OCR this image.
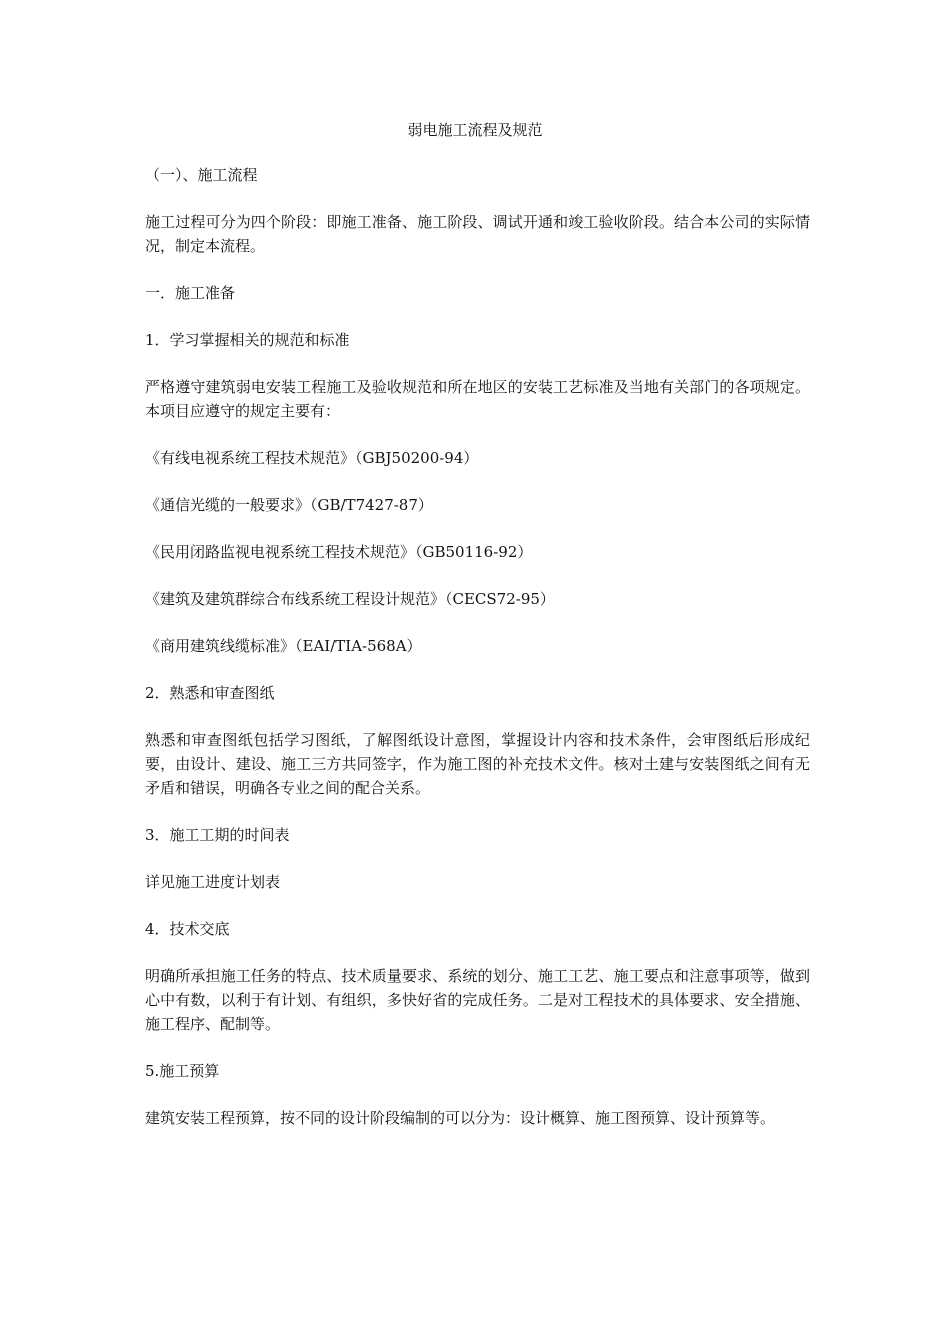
弱电施工流程及规范

（一）、施工流程

施工过程可分为四个阶段：即施工准备、施工阶段、调试开通和竣工验收阶段。结合本公司的实际情况，制定本流程。

一．施工准备

1．学习掌握相关的规范和标准

严格遵守建筑弱电安装工程施工及验收规范和所在地区的安装工艺标准及当地有关部门的各项规定。本项目应遵守的规定主要有：

《有线电视系统工程技术规范》（GBJ50200-94）

《通信光缆的一般要求》（GB/T7427-87）

《民用闭路监视电视系统工程技术规范》（GB50116-92）

《建筑及建筑群综合布线系统工程设计规范》（CECS72-95）

《商用建筑线缆标准》（EAI/TIA-568A）

2．熟悉和审查图纸

熟悉和审查图纸包括学习图纸，了解图纸设计意图，掌握设计内容和技术条件，会审图纸后形成纪要，由设计、建设、施工三方共同签字，作为施工图的补充技术文件。核对土建与安装图纸之间有无矛盾和错误，明确各专业之间的配合关系。

3．施工工期的时间表

详见施工进度计划表

4．技术交底

明确所承担施工任务的特点、技术质量要求、系统的划分、施工工艺、施工要点和注意事项等，做到心中有数，以利于有计划、有组织，多快好省的完成任务。二是对工程技术的具体要求、安全措施、施工程序、配制等。

5.施工预算

建筑安装工程预算，按不同的设计阶段编制的可以分为：设计概算、施工图预算、设计预算等。
